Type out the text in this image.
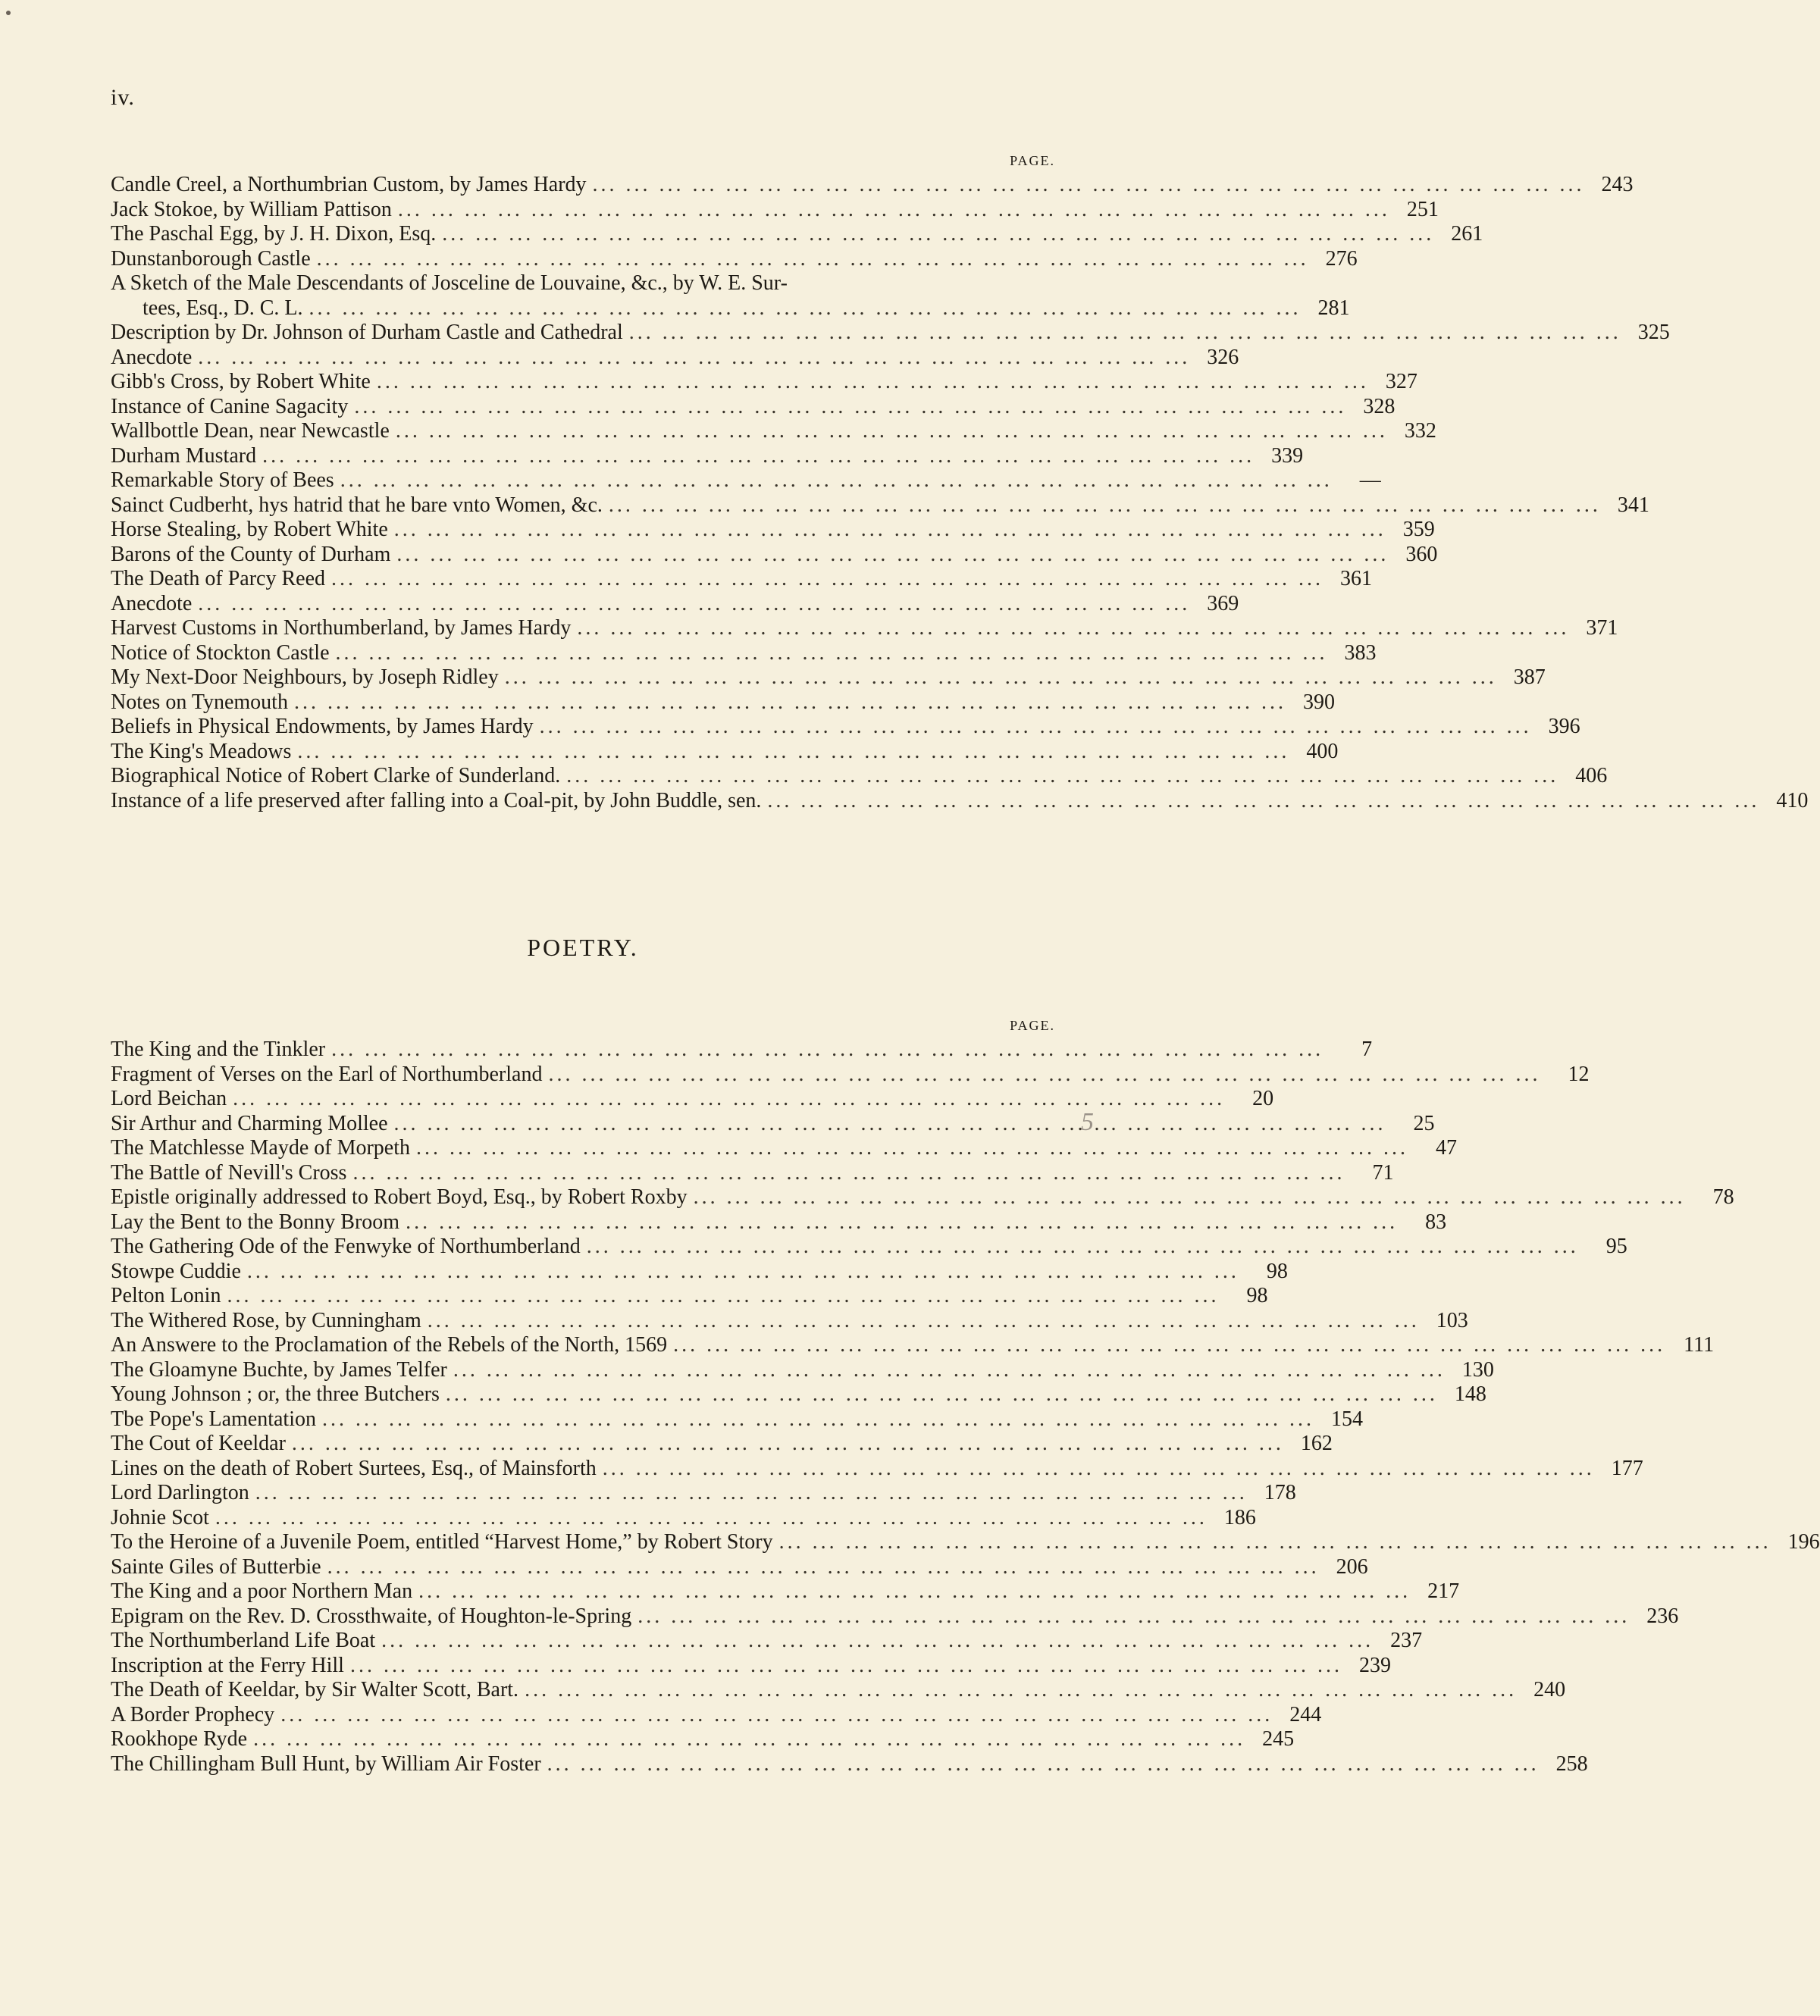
iv.
PAGE.
Candle Creel, a Northumbrian Custom, by James Hardy ... .	243
Jack Stokoe, by William Pattison ... .	251
The Paschal Egg, by J. H. Dixon, Esq. ... .	261
Dunstanborough Castle ... .	276
A Sketch of the Male Descendants of Josceline de Louvaine, &c., by W. E. Sur-
tees, Esq., D. C. L. ... .	281
Description by Dr. Johnson of Durham Castle and Cathedral ... .	325
Anecdote ... .	326
Gibb's Cross, by Robert White ... .	327
Instance of Canine Sagacity ... .	328
Wallbottle Dean, near Newcastle ... .	332
Durham Mustard ... .	339
Remarkable Story of Bees ... .	—
Sainct Cudberht, hys hatrid that he bare vnto Women, &c. ... .	341
Horse Stealing, by Robert White ... .	359
Barons of the County of Durham ... .	360
The Death of Parcy Reed ... .	361
Anecdote ... .	369
Harvest Customs in Northumberland, by James Hardy ... .	371
Notice of Stockton Castle ... .	383
My Next-Door Neighbours, by Joseph Ridley ... .	387
Notes on Tynemouth ... .	390
Beliefs in Physical Endowments, by James Hardy ... .	396
The King's Meadows ... .	400
Biographical Notice of Robert Clarke of Sunderland. ... .	406
Instance of a life preserved after falling into a Coal-pit, by John Buddle, sen. ... .	410
POETRY.
PAGE.
The King and the Tinkler ... .	7
Fragment of Verses on the Earl of Northumberland ... .	12
Lord Beichan ... .	20
Sir Arthur and Charming Mollee ... .	25
The Matchlesse Mayde of Morpeth ... .	47
The Battle of Nevill's Cross ... .	71
Epistle originally addressed to Robert Boyd, Esq., by Robert Roxby ... .	78
Lay the Bent to the Bonny Broom ... .	83
The Gathering Ode of the Fenwyke of Northumberland ... .	95
Stowpe Cuddie ... .	98
Pelton Lonin ... .	98
The Withered Rose, by Cunningham ... .	103
An Answere to the Proclamation of the Rebels of the North, 1569 ... .	111
The Gloamyne Buchte, by James Telfer ... .	130
Young Johnson ; or, the three Butchers ... .	148
Tbe Pope's Lamentation ... .	154
The Cout of Keeldar ... .	162
Lines on the death of Robert Surtees, Esq., of Mainsforth ... .	177
Lord Darlington ... .	178
Johnie Scot ... .	186
To the Heroine of a Juvenile Poem, entitled “Harvest Home,” by Robert Story ... .	196
Sainte Giles of Butterbie ... .	206
The King and a poor Northern Man ... .	217
Epigram on the Rev. D. Crossthwaite, of Houghton-le-Spring ... .	236
The Northumberland Life Boat ... .	237
Inscription at the Ferry Hill ... .	239
The Death of Keeldar, by Sir Walter Scott, Bart. ... .	240
A Border Prophecy ... .	244
Rookhope Ryde ... .	245
The Chillingham Bull Hunt, by William Air Foster ... .	258
5
